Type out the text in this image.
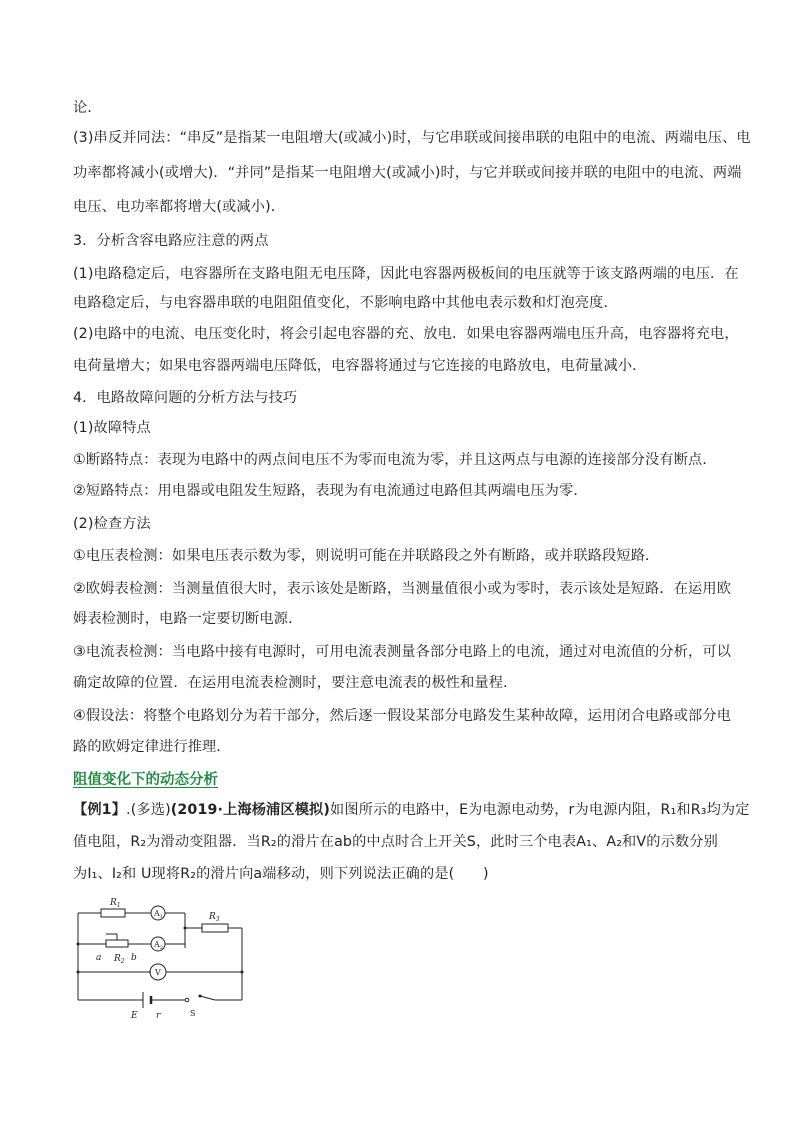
论．
(3)串反并同法：“串反”是指某一电阻增大(或减小)时，与它串联或间接串联的电阻中的电流、两端电压、电
功率都将减小(或增大)．“并同”是指某一电阻增大(或减小)时，与它并联或间接并联的电阻中的电流、两端
电压、电功率都将增大(或减小)．
3．分析含容电路应注意的两点
(1)电路稳定后，电容器所在支路电阻无电压降，因此电容器两极板间的电压就等于该支路两端的电压．在
电路稳定后，与电容器串联的电阻阻值变化，不影响电路中其他电表示数和灯泡亮度．
(2)电路中的电流、电压变化时，将会引起电容器的充、放电．如果电容器两端电压升高，电容器将充电，
电荷量增大；如果电容器两端电压降低，电容器将通过与它连接的电路放电，电荷量减小．
4．电路故障问题的分析方法与技巧
(1)故障特点
①断路特点：表现为电路中的两点间电压不为零而电流为零，并且这两点与电源的连接部分没有断点．
②短路特点：用电器或电阻发生短路，表现为有电流通过电路但其两端电压为零．
(2)检查方法
①电压表检测：如果电压表示数为零，则说明可能在并联路段之外有断路，或并联路段短路．
②欧姆表检测：当测量值很大时，表示该处是断路，当测量值很小或为零时，表示该处是短路．在运用欧
姆表检测时，电路一定要切断电源．
③电流表检测：当电路中接有电源时，可用电流表测量各部分电路上的电流，通过对电流值的分析，可以
确定故障的位置．在运用电流表检测时，要注意电流表的极性和量程．
④假设法：将整个电路划分为若干部分，然后逐一假设某部分电路发生某种故障，运用闭合电路或部分电
路的欧姆定律进行推理．
阻值变化下的动态分析
【例1】.(多选)(2019·上海杨浦区模拟)如图所示的电路中，E为电源电动势，r为电源内阻，R₁和R₃均为定
值电阻，R₂为滑动变阻器．当R₂的滑片在ab的中点时合上开关S，此时三个电表A₁、A₂和V的示数分别
为I₁、I₂和 U现将R₂的滑片向a端移动，则下列说法正确的是(　　)
$R_1$
$R_3$
$R_2$
a	b
E r
$A_1$
$A_2$
V
S
